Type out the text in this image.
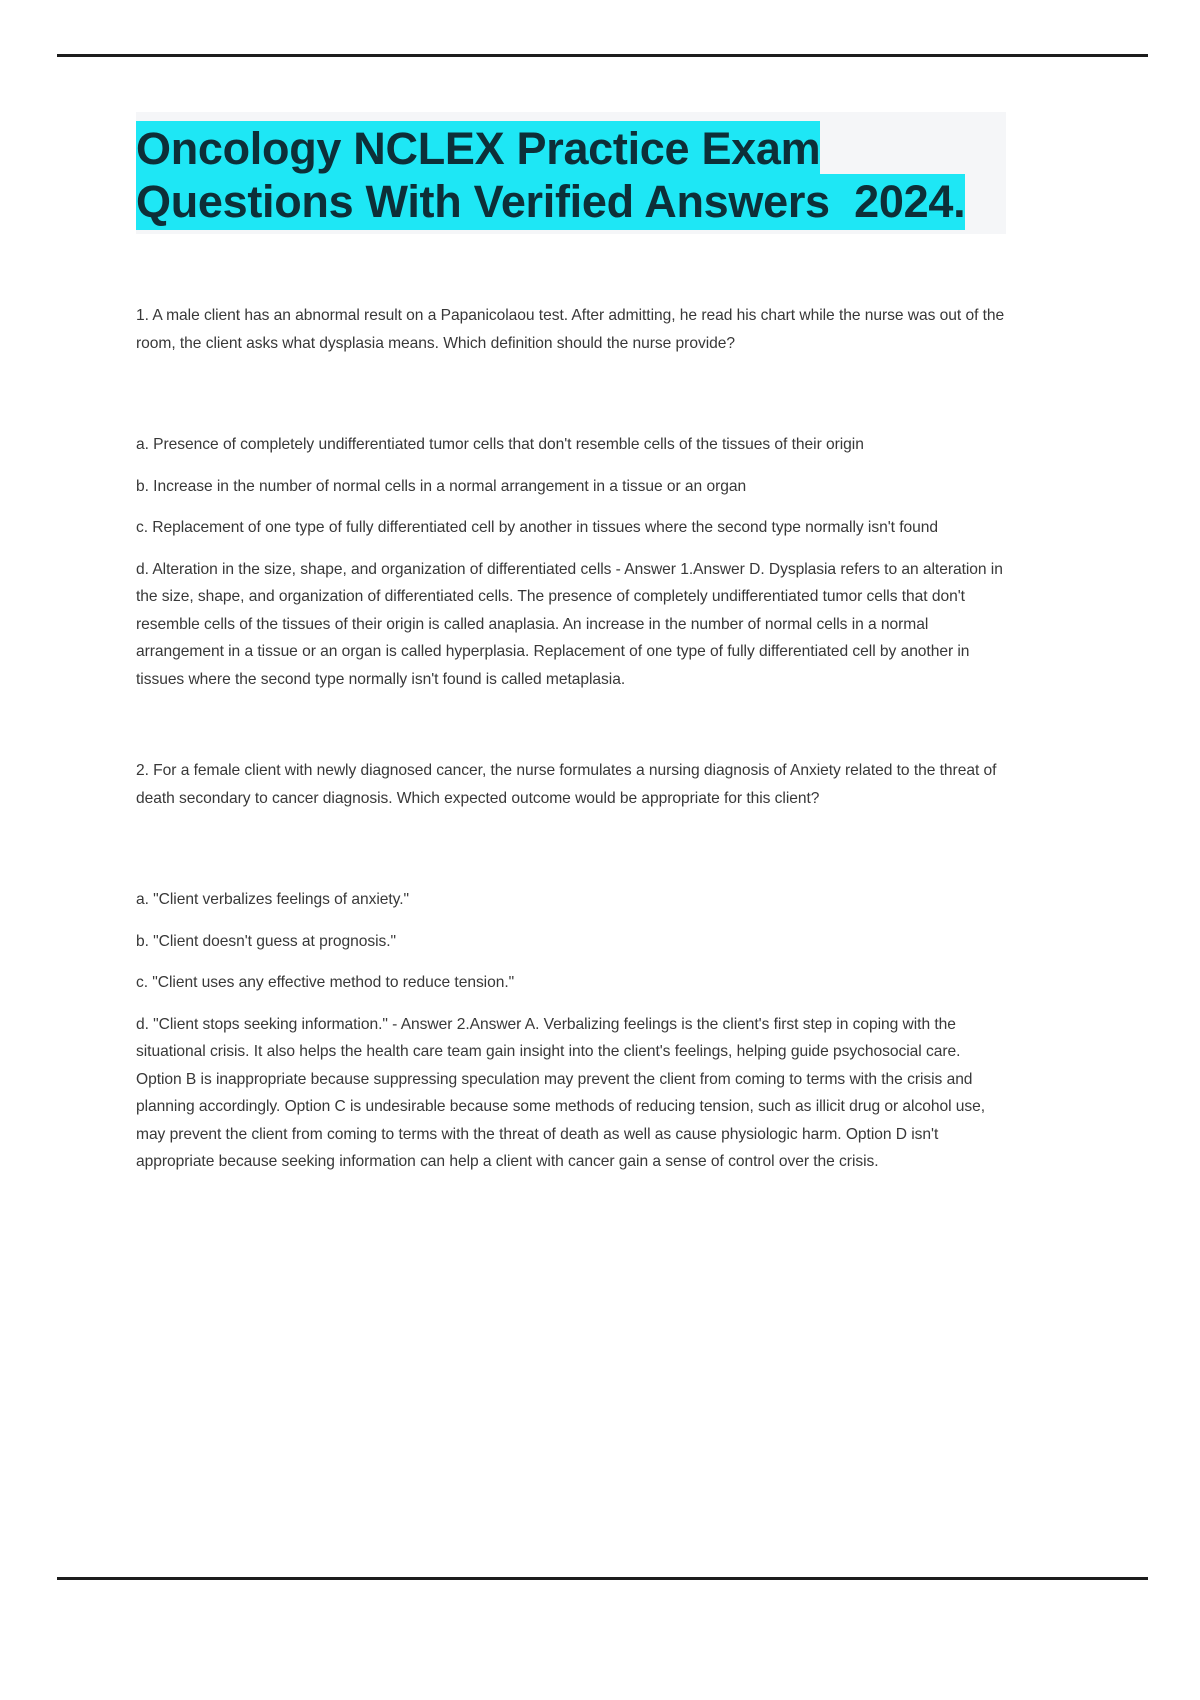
Oncology NCLEX Practice Exam
Questions With Verified Answers  2024.

1. A male client has an abnormal result on a Papanicolaou test. After admitting, he read his chart while the nurse was out of the room, the client asks what dysplasia means. Which definition should the nurse provide?

a. Presence of completely undifferentiated tumor cells that don't resemble cells of the tissues of their origin

b. Increase in the number of normal cells in a normal arrangement in a tissue or an organ

c. Replacement of one type of fully differentiated cell by another in tissues where the second type normally isn't found

d. Alteration in the size, shape, and organization of differentiated cells - Answer 1.Answer D. Dysplasia refers to an alteration in the size, shape, and organization of differentiated cells. The presence of completely undifferentiated tumor cells that don't resemble cells of the tissues of their origin is called anaplasia. An increase in the number of normal cells in a normal arrangement in a tissue or an organ is called hyperplasia. Replacement of one type of fully differentiated cell by another in tissues where the second type normally isn't found is called metaplasia.

2. For a female client with newly diagnosed cancer, the nurse formulates a nursing diagnosis of Anxiety related to the threat of death secondary to cancer diagnosis. Which expected outcome would be appropriate for this client?

a. "Client verbalizes feelings of anxiety."

b. "Client doesn't guess at prognosis."

c. "Client uses any effective method to reduce tension."

d. "Client stops seeking information." - Answer 2.Answer A. Verbalizing feelings is the client's first step in coping with the situational crisis. It also helps the health care team gain insight into the client's feelings, helping guide psychosocial care. Option B is inappropriate because suppressing speculation may prevent the client from coming to terms with the crisis and planning accordingly. Option C is undesirable because some methods of reducing tension, such as illicit drug or alcohol use, may prevent the client from coming to terms with the threat of death as well as cause physiologic harm. Option D isn't appropriate because seeking information can help a client with cancer gain a sense of control over the crisis.
